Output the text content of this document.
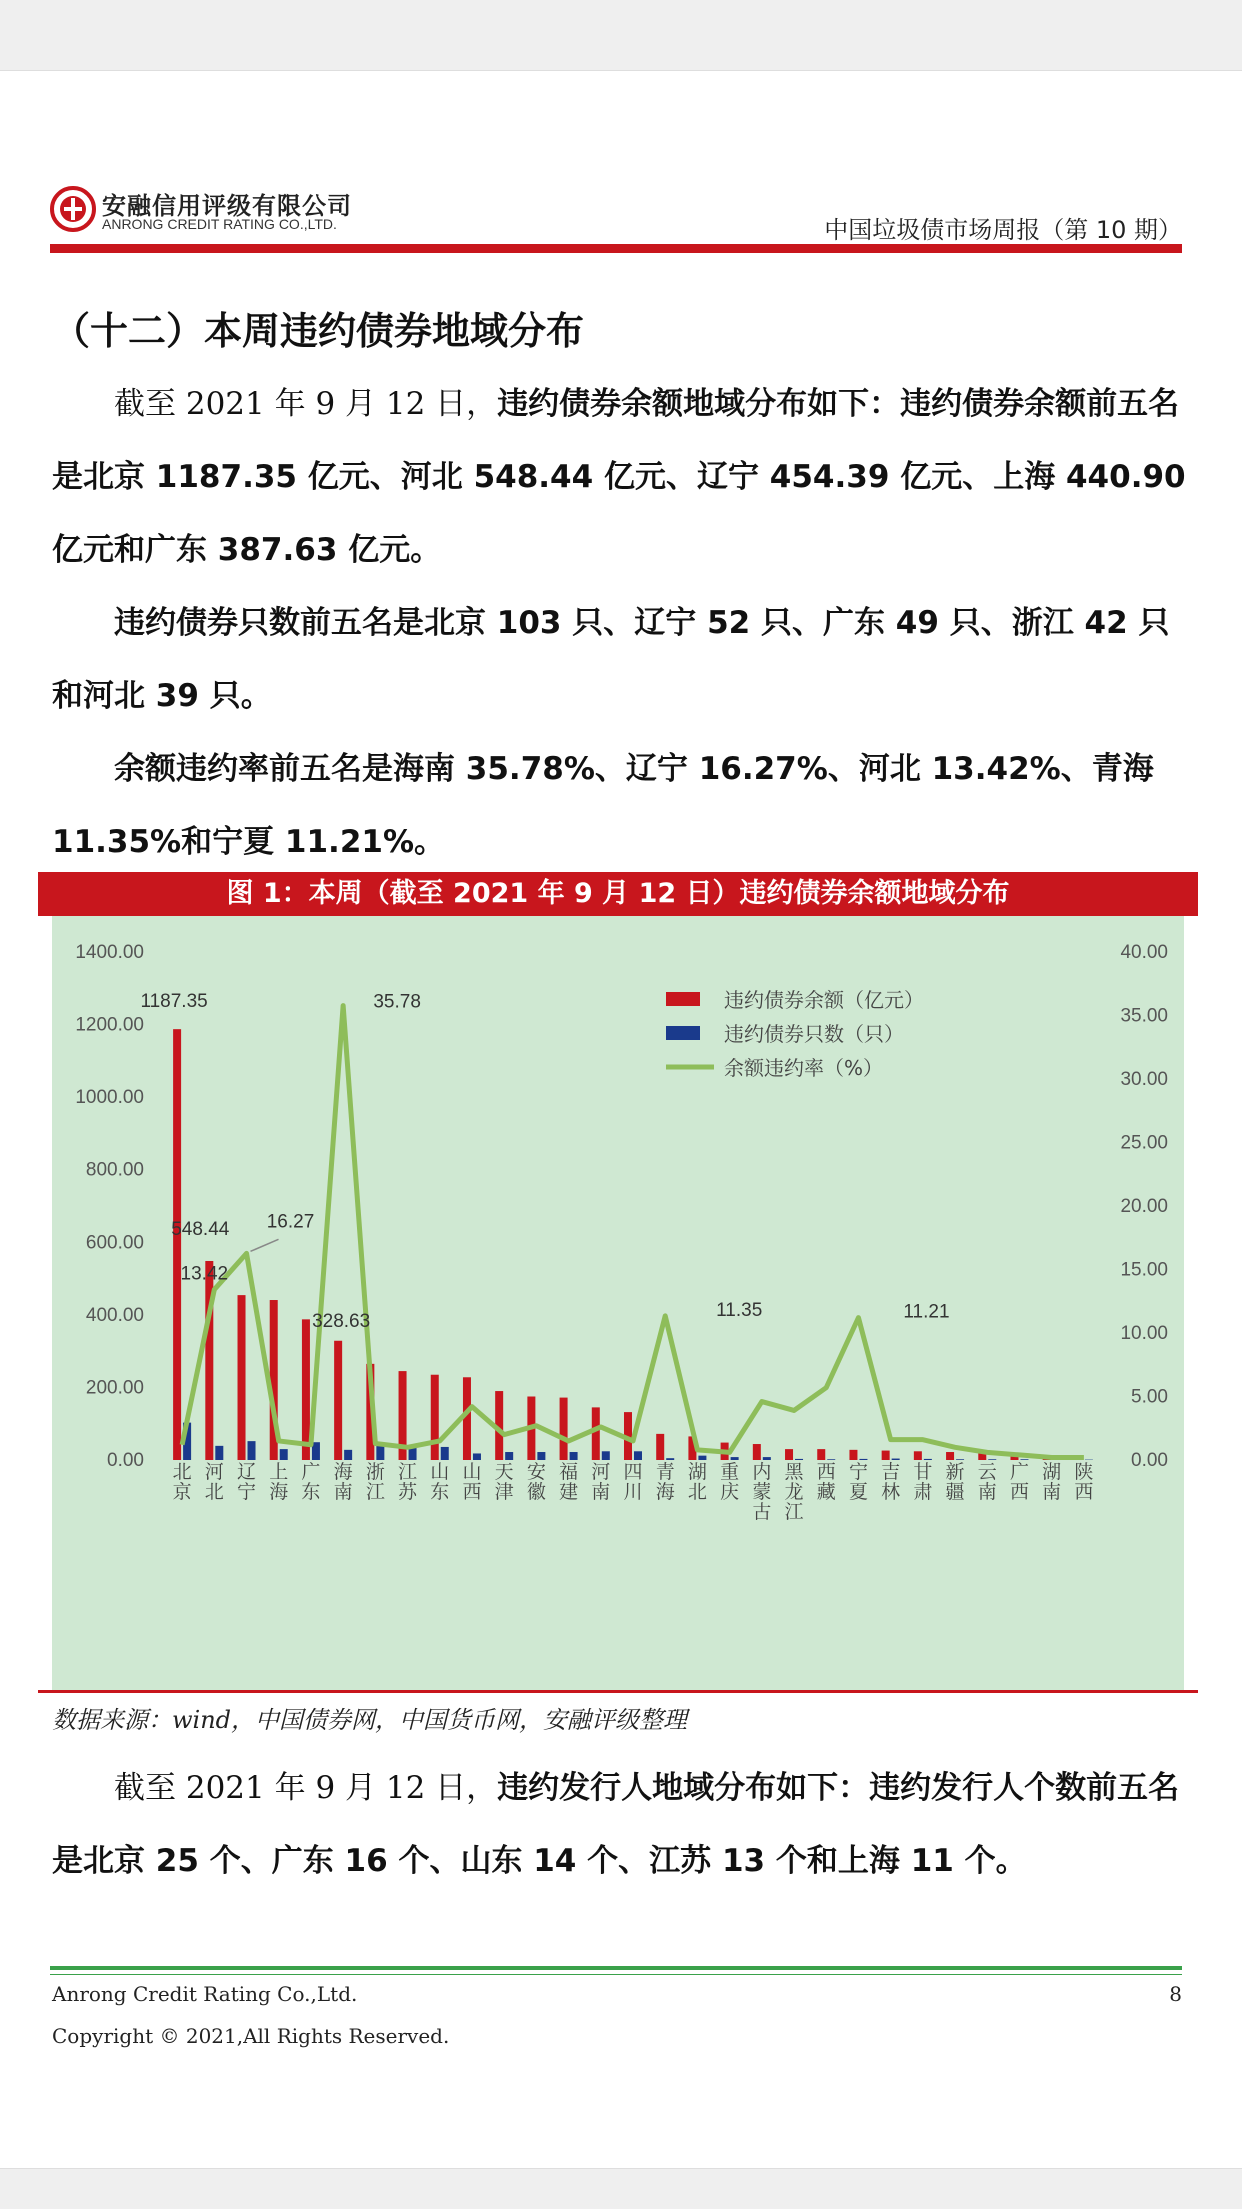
安融信用评级有限公司
ANRONG CREDIT RATING CO.,LTD.	中国垃圾债市场周报（第 10 期）
（十二）本周违约债券地域分布

截至 2021 年 9 月 12 日，违约债券余额地域分布如下：违约债券余额前五名是北京 1187.35 亿元、河北 548.44 亿元、辽宁 454.39 亿元、上海 440.90 亿元和广东 387.63 亿元。

违约债券只数前五名是北京 103 只、辽宁 52 只、广东 49 只、浙江 42 只和河北 39 只。

余额违约率前五名是海南 35.78%、辽宁 16.27%、河北 13.42%、青海 11.35%和宁夏 11.21%。

图 1：本周（截至 2021 年 9 月 12 日）违约债券余额地域分布
0.00
200.00
400.00
600.00
800.00
1000.00
1200.00
1400.00
0.00
5.00
10.00
15.00
20.00
25.00
30.00
35.00
40.00
北京
河北
辽宁
上海
广东
海南
浙江
江苏
山东
山西
天津
安徽
福建
河南
四川
青海
湖北
重庆
内蒙古
黑龙江
西藏
宁夏
吉林
甘肃
新疆
云南
广西
湖南
陕西
1187.35
548.44
328.63
13.42
16.27
35.78
11.35	11.21
违约债券余额（亿元）
违约债券只数（只）
余额违约率（%）
数据来源：wind，中国债券网，中国货币网，安融评级整理

截至 2021 年 9 月 12 日，违约发行人地域分布如下：违约发行人个数前五名是北京 25 个、广东 16 个、山东 14 个、江苏 13 个和上海 11 个。

Anrong Credit Rating Co.,Ltd.	8
Copyright © 2021,All Rights Reserved.
